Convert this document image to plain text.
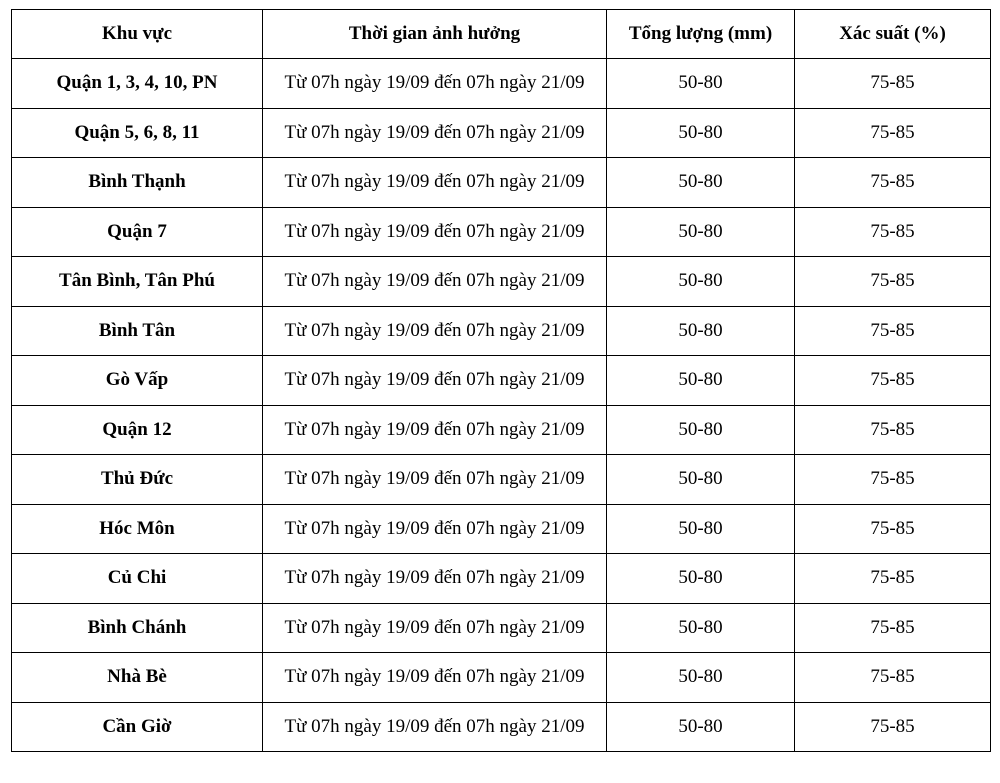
Khu vực	Thời gian ảnh hưởng	Tổng lượng (mm)	Xác suất (%)
Quận 1, 3, 4, 10, PN	Từ 07h ngày 19/09 đến 07h ngày 21/09	50-80	75-85
Quận 5, 6, 8, 11	Từ 07h ngày 19/09 đến 07h ngày 21/09	50-80	75-85
Bình Thạnh	Từ 07h ngày 19/09 đến 07h ngày 21/09	50-80	75-85
Quận 7	Từ 07h ngày 19/09 đến 07h ngày 21/09	50-80	75-85
Tân Bình, Tân Phú	Từ 07h ngày 19/09 đến 07h ngày 21/09	50-80	75-85
Bình Tân	Từ 07h ngày 19/09 đến 07h ngày 21/09	50-80	75-85
Gò Vấp	Từ 07h ngày 19/09 đến 07h ngày 21/09	50-80	75-85
Quận 12	Từ 07h ngày 19/09 đến 07h ngày 21/09	50-80	75-85
Thủ Đức	Từ 07h ngày 19/09 đến 07h ngày 21/09	50-80	75-85
Hóc Môn	Từ 07h ngày 19/09 đến 07h ngày 21/09	50-80	75-85
Củ Chi	Từ 07h ngày 19/09 đến 07h ngày 21/09	50-80	75-85
Bình Chánh	Từ 07h ngày 19/09 đến 07h ngày 21/09	50-80	75-85
Nhà Bè	Từ 07h ngày 19/09 đến 07h ngày 21/09	50-80	75-85
Cần Giờ	Từ 07h ngày 19/09 đến 07h ngày 21/09	50-80	75-85
